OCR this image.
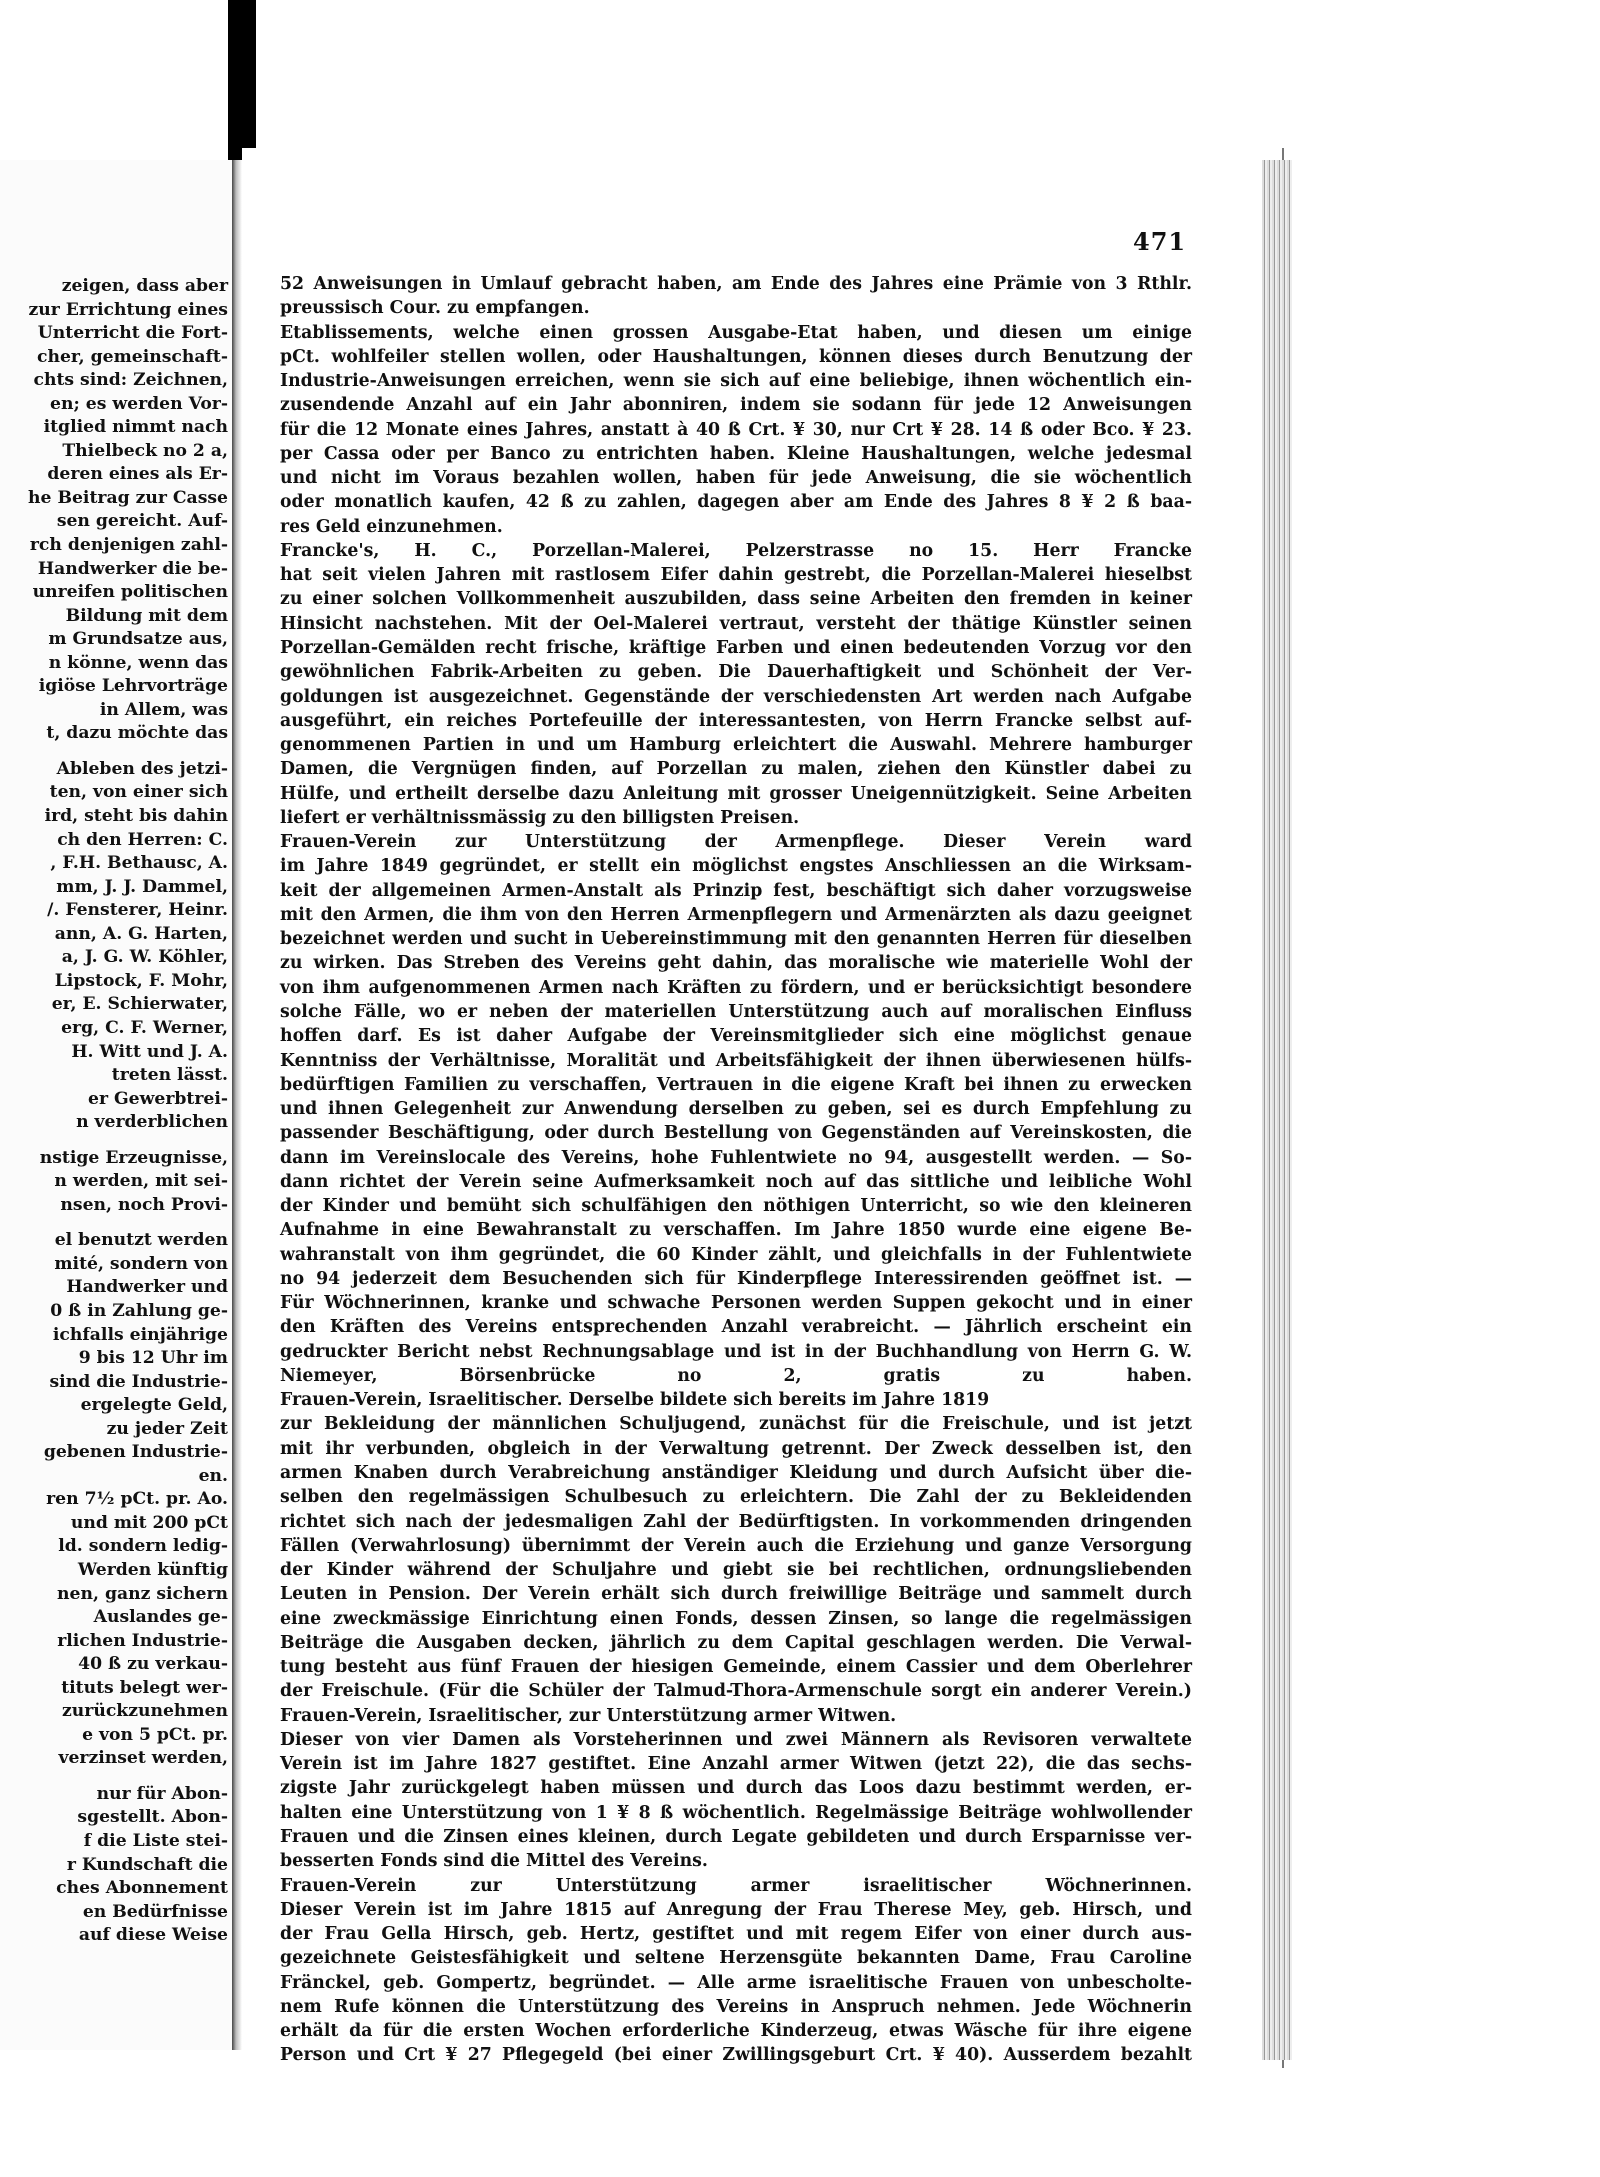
zeigen, dass aber
zur Errichtung eines
Unterricht die Fort-
cher, gemeinschaft-
chts sind: Zeichnen,
en; es werden Vor-
itglied nimmt nach
Thielbeck no 2 a,
deren eines als Er-
he Beitrag zur Casse
sen gereicht. Auf-
rch denjenigen zahl-
Handwerker die be-
unreifen politischen
Bildung mit dem
m Grundsatze aus,
n könne, wenn das
igiöse Lehrvorträge
in Allem, was
t, dazu möchte das
Ableben des jetzi-
ten, von einer sich
ird, steht bis dahin
ch den Herren: C.
, F.H. Bethausc, A.
mm, J. J. Dammel,
/. Fensterer, Heinr.
ann, A. G. Harten,
a, J. G. W. Köhler,
Lipstock, F. Mohr,
er, E. Schierwater,
erg, C. F. Werner,
H. Witt und J. A.
treten lässt.
er Gewerbtrei-
n verderblichen
nstige Erzeugnisse,
n werden, mit sei-
nsen, noch Provi-
el benutzt werden
mité, sondern von
Handwerker und
0 ß in Zahlung ge-
ichfalls einjährige
9 bis 12 Uhr im
sind die Industrie-
ergelegte Geld,
zu jeder Zeit
gebenen Industrie-
en.
ren 7½ pCt. pr. Ao.
und mit 200 pCt
ld. sondern ledig-
Werden künftig
nen, ganz sichern
Auslandes ge-
rlichen Industrie-
40 ß zu verkau-
tituts belegt wer-
zurückzunehmen
e von 5 pCt. pr.
verzinset werden,
nur für Abon-
sgestellt. Abon-
f die Liste stei-
r Kundschaft die
ches Abonnement
en Bedürfnisse
auf diese Weise
471
52 Anweisungen in Umlauf gebracht haben, am Ende des Jahres eine Prämie von 3 Rthlr.
preussisch Cour. zu empfangen.
Etablissements, welche einen grossen Ausgabe-Etat haben, und diesen um einige
pCt. wohlfeiler stellen wollen, oder Haushaltungen, können dieses durch Benutzung der
Industrie-Anweisungen erreichen, wenn sie sich auf eine beliebige, ihnen wöchentlich ein-
zusendende Anzahl auf ein Jahr abonniren, indem sie sodann für jede 12 Anweisungen
für die 12 Monate eines Jahres, anstatt à 40 ß Crt. ¥ 30, nur Crt ¥ 28. 14 ß oder Bco. ¥ 23.
per Cassa oder per Banco zu entrichten haben. Kleine Haushaltungen, welche jedesmal
und nicht im Voraus bezahlen wollen, haben für jede Anweisung, die sie wöchentlich
oder monatlich kaufen, 42 ß zu zahlen, dagegen aber am Ende des Jahres 8 ¥ 2 ß baa-
res Geld einzunehmen.
Francke's, H. C., Porzellan-Malerei, Pelzerstrasse no 15. Herr Francke
hat seit vielen Jahren mit rastlosem Eifer dahin gestrebt, die Porzellan-Malerei hieselbst
zu einer solchen Vollkommenheit auszubilden, dass seine Arbeiten den fremden in keiner
Hinsicht nachstehen. Mit der Oel-Malerei vertraut, versteht der thätige Künstler seinen
Porzellan-Gemälden recht frische, kräftige Farben und einen bedeutenden Vorzug vor den
gewöhnlichen Fabrik-Arbeiten zu geben. Die Dauerhaftigkeit und Schönheit der Ver-
goldungen ist ausgezeichnet. Gegenstände der verschiedensten Art werden nach Aufgabe
ausgeführt, ein reiches Portefeuille der interessantesten, von Herrn Francke selbst auf-
genommenen Partien in und um Hamburg erleichtert die Auswahl. Mehrere hamburger
Damen, die Vergnügen finden, auf Porzellan zu malen, ziehen den Künstler dabei zu
Hülfe, und ertheilt derselbe dazu Anleitung mit grosser Uneigennützigkeit. Seine Arbeiten
liefert er verhältnissmässig zu den billigsten Preisen.
Frauen-Verein zur Unterstützung der Armenpflege. Dieser Verein ward
im Jahre 1849 gegründet, er stellt ein möglichst engstes Anschliessen an die Wirksam-
keit der allgemeinen Armen-Anstalt als Prinzip fest, beschäftigt sich daher vorzugsweise
mit den Armen, die ihm von den Herren Armenpflegern und Armenärzten als dazu geeignet
bezeichnet werden und sucht in Uebereinstimmung mit den genannten Herren für dieselben
zu wirken. Das Streben des Vereins geht dahin, das moralische wie materielle Wohl der
von ihm aufgenommenen Armen nach Kräften zu fördern, und er berücksichtigt besondere
solche Fälle, wo er neben der materiellen Unterstützung auch auf moralischen Einfluss
hoffen darf. Es ist daher Aufgabe der Vereinsmitglieder sich eine möglichst genaue
Kenntniss der Verhältnisse, Moralität und Arbeitsfähigkeit der ihnen überwiesenen hülfs-
bedürftigen Familien zu verschaffen, Vertrauen in die eigene Kraft bei ihnen zu erwecken
und ihnen Gelegenheit zur Anwendung derselben zu geben, sei es durch Empfehlung zu
passender Beschäftigung, oder durch Bestellung von Gegenständen auf Vereinskosten, die
dann im Vereinslocale des Vereins, hohe Fuhlentwiete no 94, ausgestellt werden. — So-
dann richtet der Verein seine Aufmerksamkeit noch auf das sittliche und leibliche Wohl
der Kinder und bemüht sich schulfähigen den nöthigen Unterricht, so wie den kleineren
Aufnahme in eine Bewahranstalt zu verschaffen. Im Jahre 1850 wurde eine eigene Be-
wahranstalt von ihm gegründet, die 60 Kinder zählt, und gleichfalls in der Fuhlentwiete
no 94 jederzeit dem Besuchenden sich für Kinderpflege Interessirenden geöffnet ist. —
Für Wöchnerinnen, kranke und schwache Personen werden Suppen gekocht und in einer
den Kräften des Vereins entsprechenden Anzahl verabreicht. — Jährlich erscheint ein
gedruckter Bericht nebst Rechnungsablage und ist in der Buchhandlung von Herrn G. W.
Niemeyer, Börsenbrücke no 2, gratis zu haben.
Frauen-Verein, Israelitischer. Derselbe bildete sich bereits im Jahre 1819
zur Bekleidung der männlichen Schuljugend, zunächst für die Freischule, und ist jetzt
mit ihr verbunden, obgleich in der Verwaltung getrennt. Der Zweck desselben ist, den
armen Knaben durch Verabreichung anständiger Kleidung und durch Aufsicht über die-
selben den regelmässigen Schulbesuch zu erleichtern. Die Zahl der zu Bekleidenden
richtet sich nach der jedesmaligen Zahl der Bedürftigsten. In vorkommenden dringenden
Fällen (Verwahrlosung) übernimmt der Verein auch die Erziehung und ganze Versorgung
der Kinder während der Schuljahre und giebt sie bei rechtlichen, ordnungsliebenden
Leuten in Pension. Der Verein erhält sich durch freiwillige Beiträge und sammelt durch
eine zweckmässige Einrichtung einen Fonds, dessen Zinsen, so lange die regelmässigen
Beiträge die Ausgaben decken, jährlich zu dem Capital geschlagen werden. Die Verwal-
tung besteht aus fünf Frauen der hiesigen Gemeinde, einem Cassier und dem Oberlehrer
der Freischule. (Für die Schüler der Talmud-Thora-Armenschule sorgt ein anderer Verein.)
Frauen-Verein, Israelitischer, zur Unterstützung armer Witwen.
Dieser von vier Damen als Vorsteherinnen und zwei Männern als Revisoren verwaltete
Verein ist im Jahre 1827 gestiftet. Eine Anzahl armer Witwen (jetzt 22), die das sechs-
zigste Jahr zurückgelegt haben müssen und durch das Loos dazu bestimmt werden, er-
halten eine Unterstützung von 1 ¥ 8 ß wöchentlich. Regelmässige Beiträge wohlwollender
Frauen und die Zinsen eines kleinen, durch Legate gebildeten und durch Ersparnisse ver-
besserten Fonds sind die Mittel des Vereins.
Frauen-Verein zur Unterstützung armer israelitischer Wöchnerinnen.
Dieser Verein ist im Jahre 1815 auf Anregung der Frau Therese Mey, geb. Hirsch, und
der Frau Gella Hirsch, geb. Hertz, gestiftet und mit regem Eifer von einer durch aus-
gezeichnete Geistesfähigkeit und seltene Herzensgüte bekannten Dame, Frau Caroline
Fränckel, geb. Gompertz, begründet. — Alle arme israelitische Frauen von unbescholte-
nem Rufe können die Unterstützung des Vereins in Anspruch nehmen. Jede Wöchnerin
erhält da für die ersten Wochen erforderliche Kinderzeug, etwas Wäsche für ihre eigene
Person und Crt ¥ 27 Pflegegeld (bei einer Zwillingsgeburt Crt. ¥ 40). Ausserdem bezahlt
